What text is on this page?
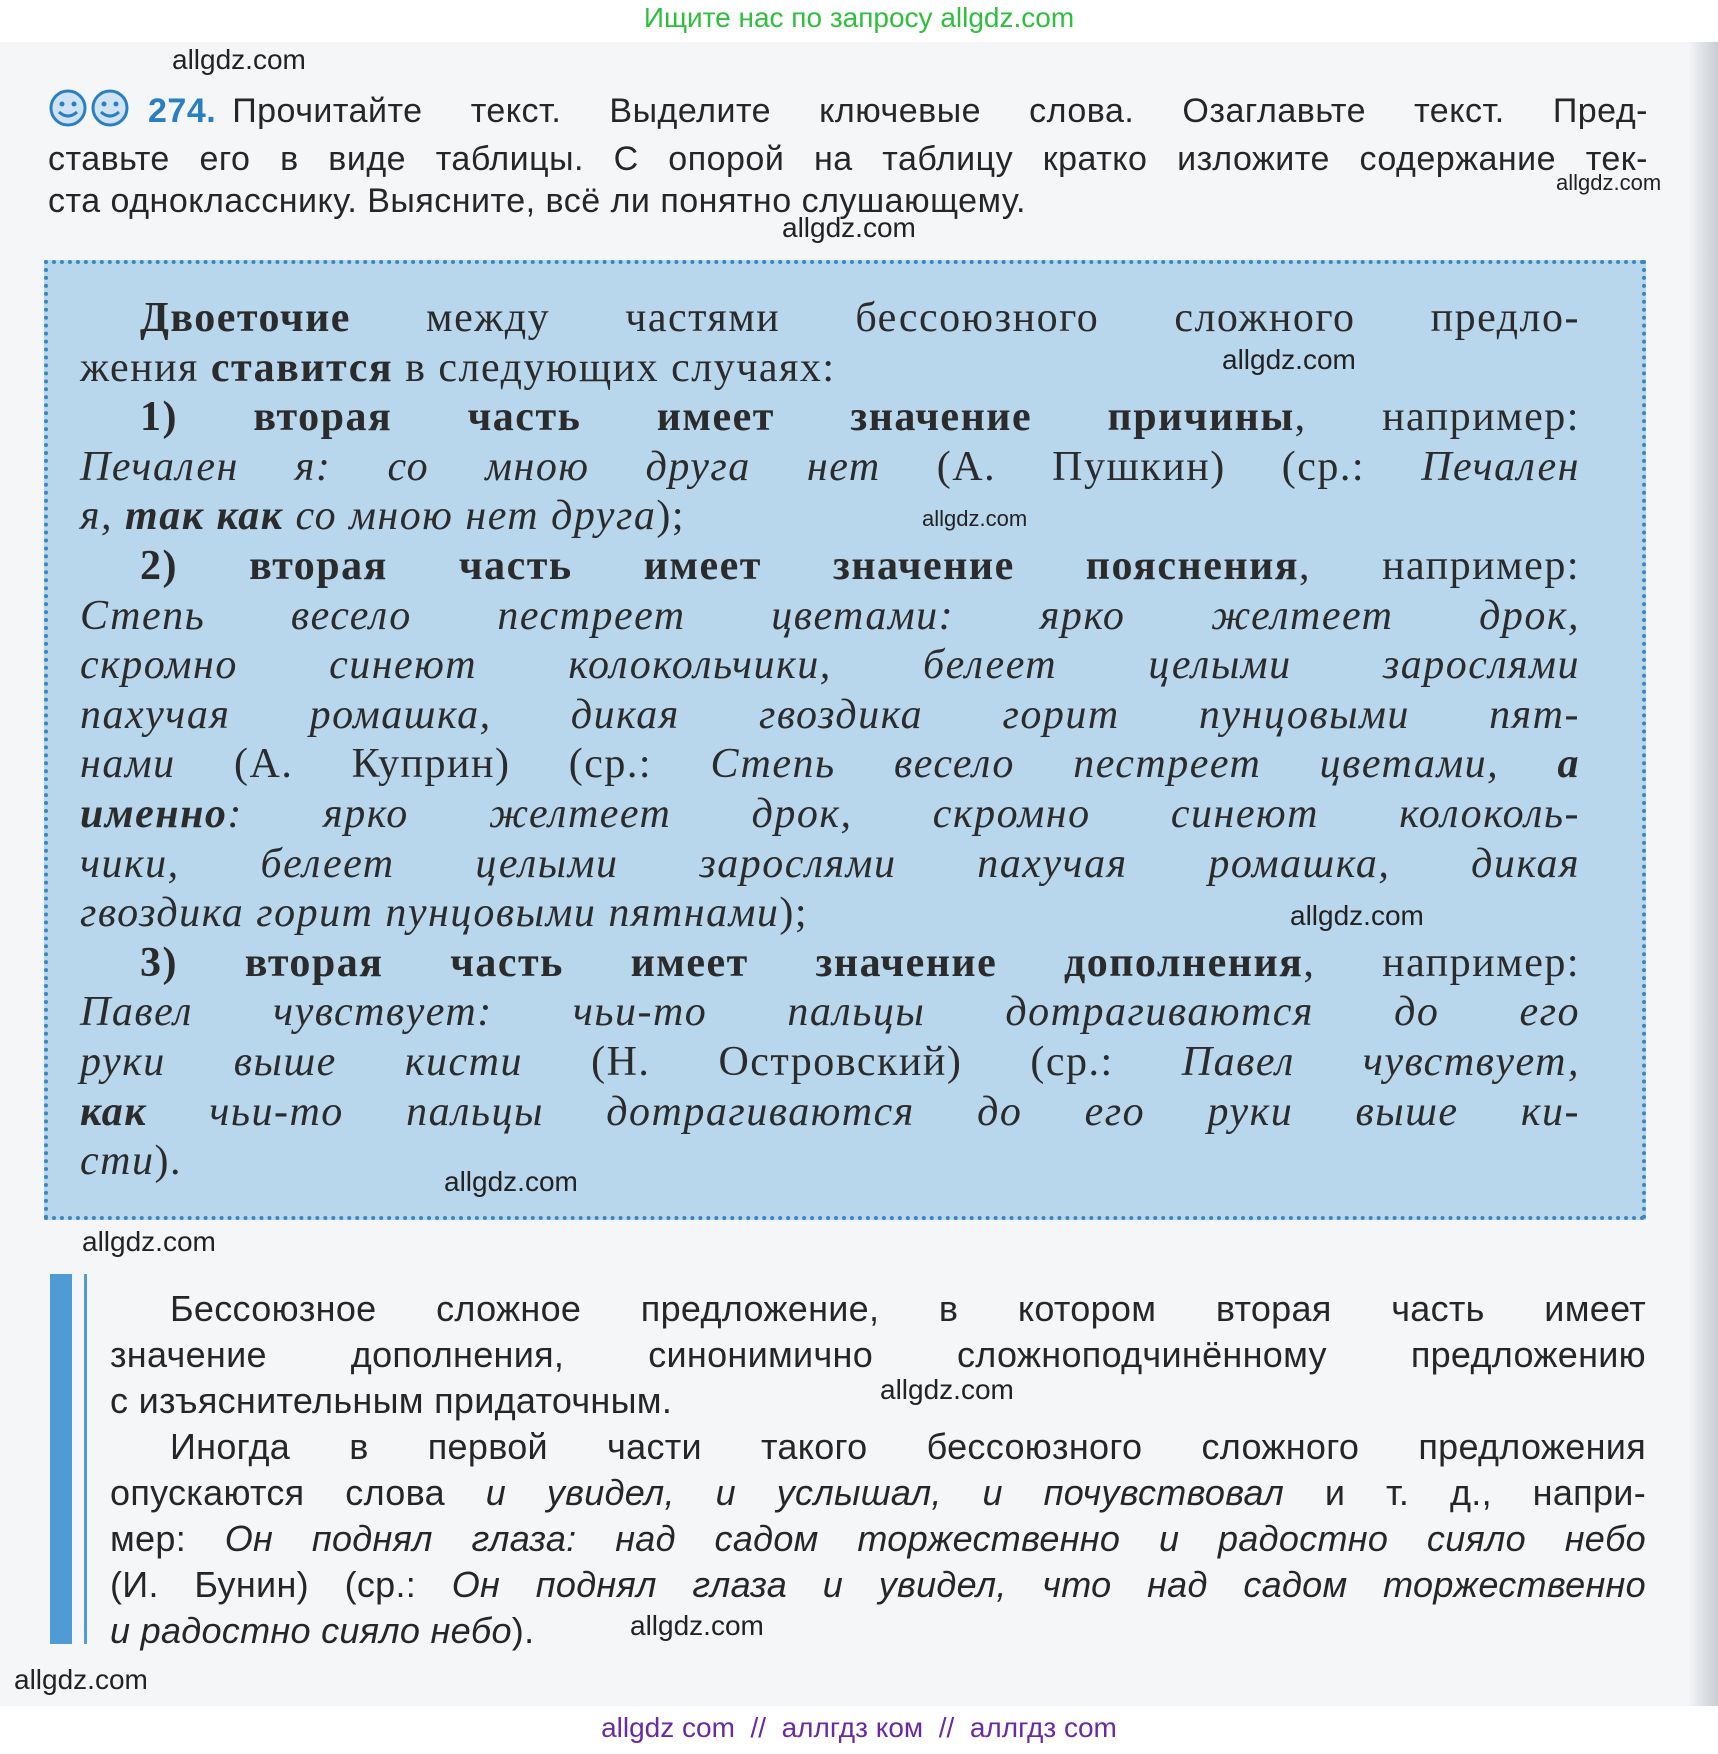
Ищите нас по запросу allgdz.com
274. Прочитайте текст. Выделите ключевые слова. Озаглавьте текст. Пред-
ставьте его в виде таблицы. С опорой на таблицу кратко изложите содержание тек-
ста однокласснику. Выясните, всё ли понятно слушающему.
Двоеточие между частями бессоюзного сложного предло-
жения ставится в следующих случаях:
1) вторая часть имеет значение причины, например:
Печален я: со мною друга нет (А. Пушкин) (ср.: Печален
я, так как со мною нет друга);
2) вторая часть имеет значение пояснения, например:
Степь весело пестреет цветами: ярко желтеет дрок,
скромно синеют колокольчики, белеет целыми зарослями
пахучая ромашка, дикая гвоздика горит пунцовыми пят-
нами (А. Куприн) (ср.: Степь весело пестреет цветами, а
именно: ярко желтеет дрок, скромно синеют колоколь-
чики, белеет целыми зарослями пахучая ромашка, дикая
гвоздика горит пунцовыми пятнами);
3) вторая часть имеет значение дополнения, например:
Павел чувствует: чьи-то пальцы дотрагиваются до его
руки выше кисти (Н. Островский) (ср.: Павел чувствует,
как чьи-то пальцы дотрагиваются до его руки выше ки-
сти).
Бессоюзное сложное предложение, в котором вторая часть имеет
значение дополнения, синонимично сложноподчинённому предложению
с изъяснительным придаточным.
Иногда в первой части такого бессоюзного сложного предложения
опускаются слова и увидел, и услышал, и почувствовал и т. д., напри-
мер: Он поднял глаза: над садом торжественно и радостно сияло небо
(И. Бунин) (ср.: Он поднял глаза и увидел, что над садом торжественно
и радостно сияло небо).
allgdz.com
allgdz.com
allgdz.com
allgdz.com
allgdz.com
allgdz.com
allgdz.com
allgdz.com
allgdz.com
allgdz.com
allgdz.com
allgdz com  //  аллгдз ком  //  аллгдз com
